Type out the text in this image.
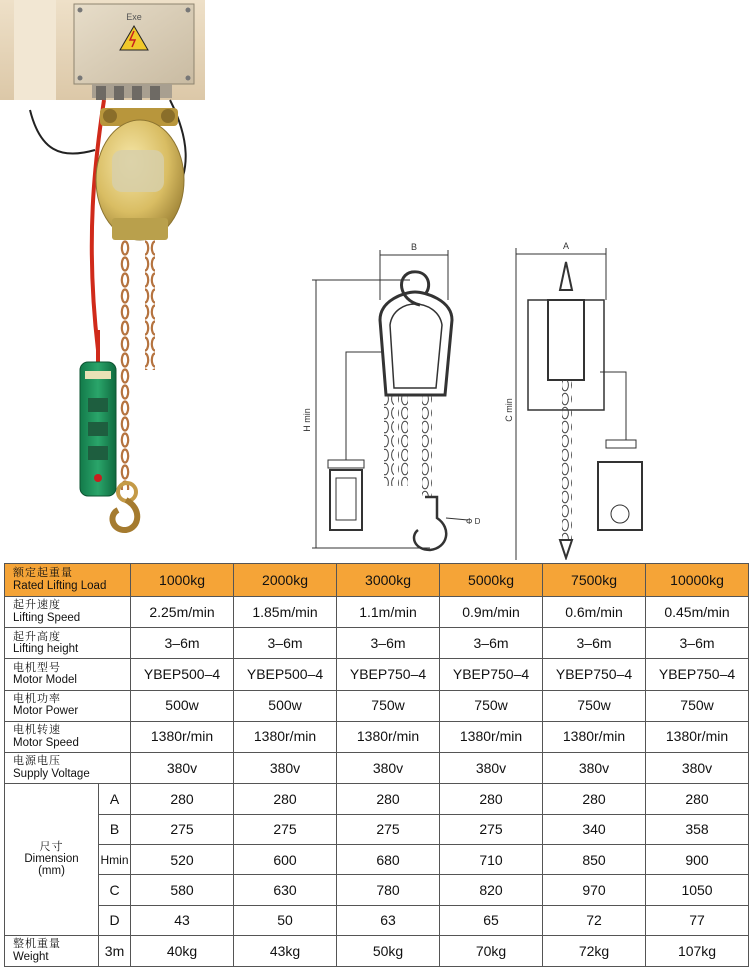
Exe
B
H min
Φ D
A
C min
额定起重量
Rated Lifting Load		1000kg	2000kg	3000kg	5000kg	7500kg	10000kg

起升速度
Lifting Speed		2.25m/min	1.85m/min	1.1m/min	0.9m/min	0.6m/min	0.45m/min

起升高度
Lifting height		3–6m	3–6m	3–6m	3–6m	3–6m	3–6m

电机型号
Motor Model		YBEP500–4	YBEP500–4	YBEP750–4	YBEP750–4	YBEP750–4	YBEP750–4

电机功率
Motor Power		500w	500w	750w	750w	750w	750w

电机转速
Motor Speed		1380r/min	1380r/min	1380r/min	1380r/min	1380r/min	1380r/min

电源电压
Supply Voltage		380v	380v	380v	380v	380v	380v

尺寸
Dimension
(mm)	A	280	280	280	280	280	280
	B	275	275	275	275	340	358
	Hmin	520	600	680	710	850	900
	C	580	630	780	820	970	1050
	D	43	50	63	65	72	77

整机重量
Weight	3m	40kg	43kg	50kg	70kg	72kg	107kg
